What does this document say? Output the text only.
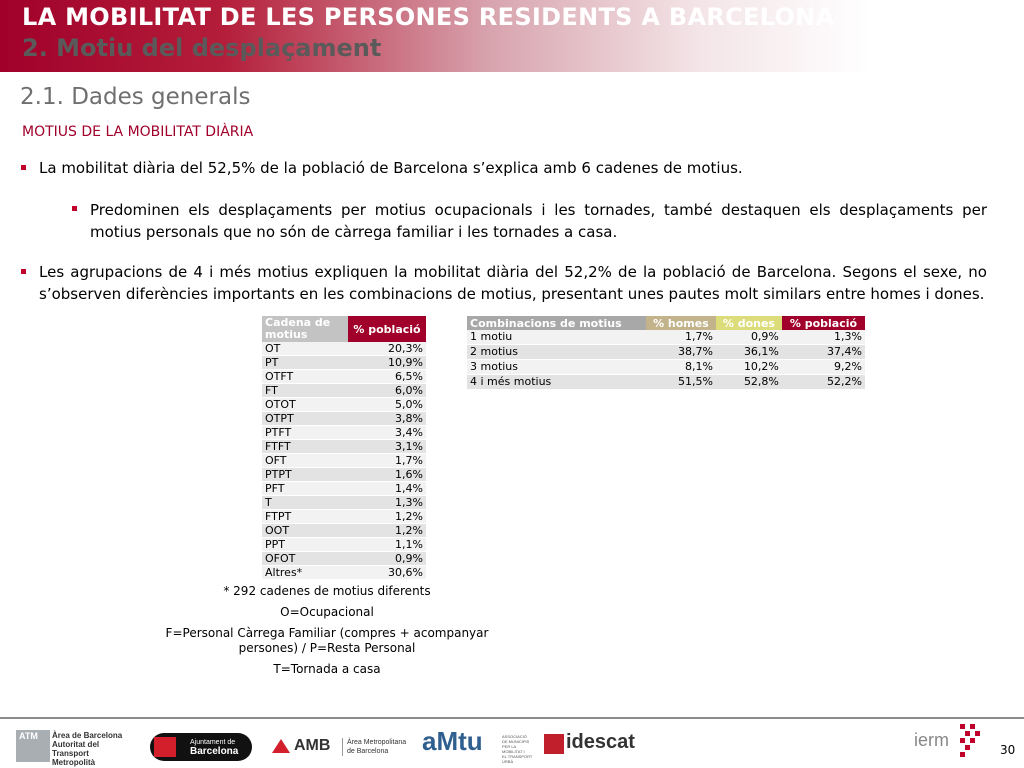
LA MOBILITAT DE LES PERSONES RESIDENTS A BARCELONA
2. Motiu del desplaçament
2.1. Dades generals
MOTIUS DE LA MOBILITAT DIÀRIA
La mobilitat diària del 52,5% de la població de Barcelona s’explica amb 6 cadenes de motius.
Predominen els desplaçaments per motius ocupacionals i les tornades, també destaquen els desplaçaments per motius personals que no són de càrrega familiar i les tornades a casa.
Les agrupacions de 4 i més motius expliquen la mobilitat diària del 52,2% de la població de Barcelona. Segons el sexe, no s’observen diferències importants en les combinacions de motius, presentant unes pautes molt similars entre homes i dones.
Cadena de motius	% població
OT	20,3%
PT	10,9%
OTFT	6,5%
FT	6,0%
OTOT	5,0%
OTPT	3,8%
PTFT	3,4%
FTFT	3,1%
OFT	1,7%
PTPT	1,6%
PFT	1,4%
T	1,3%
FTPT	1,2%
OOT	1,2%
PPT	1,1%
OFOT	0,9%
Altres*	30,6%
Combinacions de motius	% homes	% dones	% població
1 motiu	1,7%	0,9%	1,3%
2 motius	38,7%	36,1%	37,4%
3 motius	8,1%	10,2%	9,2%
4 i més motius	51,5%	52,8%	52,2%

* 292 cadenes de motius diferents

O=Ocupacional

F=Personal Càrrega Familiar (compres + acompanyar persones) / P=Resta Personal

T=Tornada a casa

ATM Àrea de Barcelona
Autoritat del Transport
Metropolità
Ajuntament de
Barcelona	AMB Àrea Metropolitana
de Barcelona	aMtu	ASSOCIACIÓ
DE MUNICIPIS
PER LA MOBILITAT I
EL TRANSPORT URBÀ
idescat	ierm	30
